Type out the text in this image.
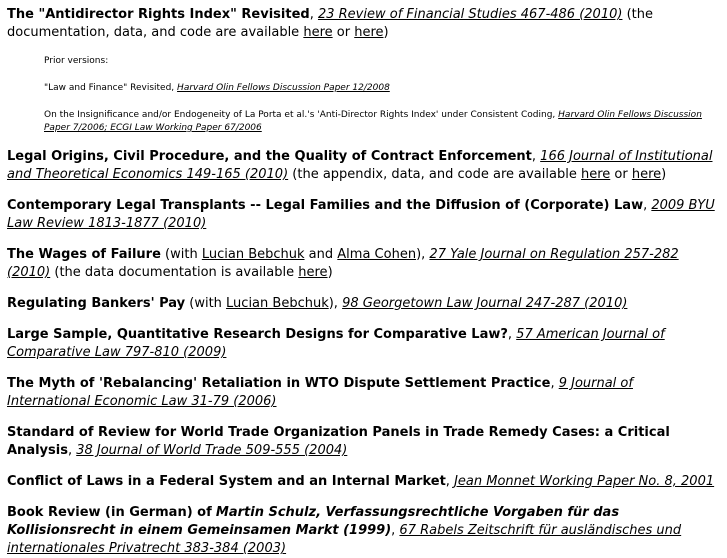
The "Antidirector Rights Index" Revisited, 23 Review of Financial Studies 467-486 (2010) (the documentation, data, and code are available here or here)

Prior versions:

"Law and Finance" Revisited, Harvard Olin Fellows Discussion Paper 12/2008

On the Insignificance and/or Endogeneity of La Porta et al.'s 'Anti-Director Rights Index' under Consistent Coding, Harvard Olin Fellows Discussion Paper 7/2006; ECGI Law Working Paper 67/2006

Legal Origins, Civil Procedure, and the Quality of Contract Enforcement, 166 Journal of Institutional and Theoretical Economics 149-165 (2010) (the appendix, data, and code are available here or here)
Contemporary Legal Transplants -- Legal Families and the Diffusion of (Corporate) Law, 2009 BYU Law Review 1813-1877 (2010)
The Wages of Failure (with Lucian Bebchuk and Alma Cohen), 27 Yale Journal on Regulation 257-282 (2010) (the data documentation is available here)
Regulating Bankers' Pay (with Lucian Bebchuk), 98 Georgetown Law Journal 247-287 (2010)
Large Sample, Quantitative Research Designs for Comparative Law?, 57 American Journal of Comparative Law 797-810 (2009)
The Myth of 'Rebalancing' Retaliation in WTO Dispute Settlement Practice, 9 Journal of International Economic Law 31-79 (2006)
Standard of Review for World Trade Organization Panels in Trade Remedy Cases: a Critical Analysis, 38 Journal of World Trade 509-555 (2004)
Conflict of Laws in a Federal System and an Internal Market, Jean Monnet Working Paper No. 8, 2001
Book Review (in German) of Martin Schulz, Verfassungsrechtliche Vorgaben für das Kollisionsrecht in einem Gemeinsamen Markt (1999), 67 Rabels Zeitschrift für ausländisches und internationales Privatrecht 383-384 (2003)
